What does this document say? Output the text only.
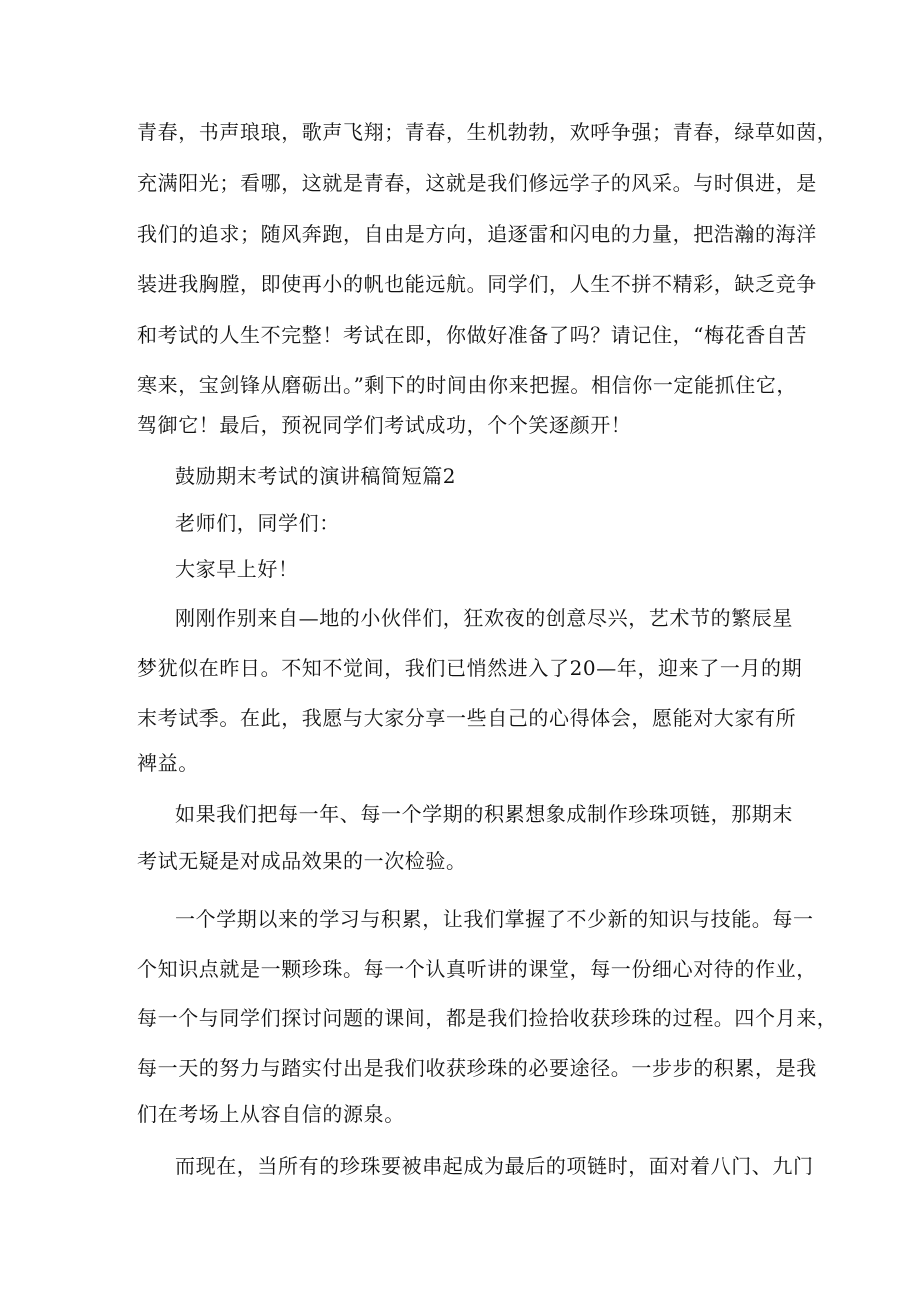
青春，书声琅琅，歌声飞翔；青春，生机勃勃，欢呼争强；青春，绿草如茵，
充满阳光；看哪，这就是青春，这就是我们修远学子的风采。与时俱进，是
我们的追求；随风奔跑，自由是方向，追逐雷和闪电的力量，把浩瀚的海洋
装进我胸膛，即使再小的帆也能远航。同学们，人生不拼不精彩，缺乏竞争
和考试的人生不完整！考试在即，你做好准备了吗？请记住，“梅花香自苦
寒来，宝剑锋从磨砺出。”剩下的时间由你来把握。相信你一定能抓住它，
驾御它！最后，预祝同学们考试成功，个个笑逐颜开！
鼓励期末考试的演讲稿简短篇2
老师们，同学们：
大家早上好！
刚刚作别来自—地的小伙伴们，狂欢夜的创意尽兴，艺术节的繁辰星
梦犹似在昨日。不知不觉间，我们已悄然进入了20—年，迎来了一月的期
末考试季。在此，我愿与大家分享一些自己的心得体会，愿能对大家有所
裨益。
如果我们把每一年、每一个学期的积累想象成制作珍珠项链，那期末
考试无疑是对成品效果的一次检验。
一个学期以来的学习与积累，让我们掌握了不少新的知识与技能。每一
个知识点就是一颗珍珠。每一个认真听讲的课堂，每一份细心对待的作业，
每一个与同学们探讨问题的课间，都是我们捡拾收获珍珠的过程。四个月来，
每一天的努力与踏实付出是我们收获珍珠的必要途径。一步步的积累，是我
们在考场上从容自信的源泉。
而现在，当所有的珍珠要被串起成为最后的项链时，面对着八门、九门
